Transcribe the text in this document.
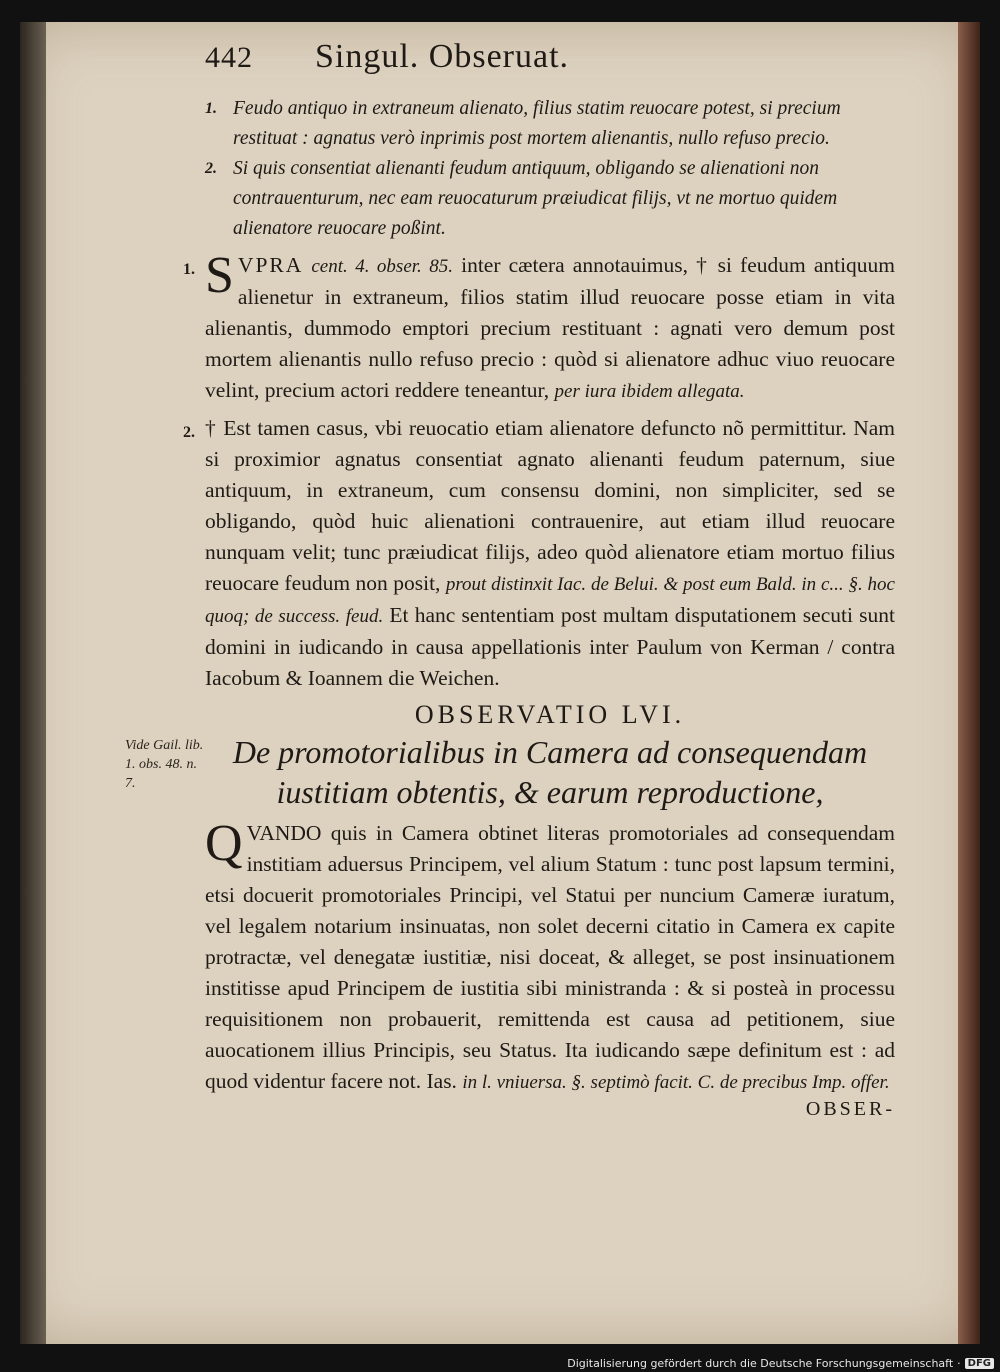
442	Singul. Obseruat.
1. Feudo antiquo in extraneum alienato, filius statim reuocare potest, si precium restituat : agnatus verò inprimis post mortem alienantis, nullo refuso precio.
2. Si quis consentiat alienanti feudum antiquum, obligando se alienationi non contrauenturum, nec eam reuocaturum præiudicat filijs, vt ne mortuo quidem alienatore reuocare poßint.
1. S VPRA cent. 4. obser. 85. inter cætera annotauimus, † si feudum antiquum alienetur in extraneum, filios statim illud reuocare posse etiam in vita alienantis, dummodo emptori precium restituant : agnati vero demum post mortem alienantis nullo refuso precio : quòd si alienatore adhuc viuo reuocare velint, precium actori reddere teneantur, per iura ibidem allegata.
2. † Est tamen casus, vbi reuocatio etiam alienatore defuncto nõ permittitur. Nam si proximior agnatus consentiat agnato alienanti feudum paternum, siue antiquum, in extraneum, cum consensu domini, non simpliciter, sed se obligando, quòd huic alienationi contrauenire, aut etiam illud reuocare nunquam velit; tunc præiudicat filijs, adeo quòd alienatore etiam mortuo filius reuocare feudum non posit, prout distinxit Iac. de Belui. & post eum Bald. in c... §. hoc quoq; de success. feud. Et hanc sententiam post multam disputationem secuti sunt domini in iudicando in causa appellationis inter Paulum von Kerman / contra Iacobum & Ioannem die Weichen.
OBSERVATIO LVI.
Vide Gail. lib. 1. obs. 48. n. 7.
De promotorialibus in Camera ad consequendam iustitiam obtentis, & earum reproductione,
Q VANDO quis in Camera obtinet literas promotoriales ad consequendam institiam aduersus Principem, vel alium Statum : tunc post lapsum termini, etsi docuerit promotoriales Principi, vel Statui per nuncium Cameræ iuratum, vel legalem notarium insinuatas, non solet decerni citatio in Camera ex capite protractæ, vel denegatæ iustitiæ, nisi doceat, & alleget, se post insinuationem institisse apud Principem de iustitia sibi ministranda : & si posteà in processu requisitionem non probauerit, remittenda est causa ad petitionem, siue auocationem illius Principis, seu Status. Ita iudicando sæpe definitum est : ad quod videntur facere not. Ias. in l. vniuersa. §. septimò facit. C. de precibus Imp. offer.
OBSER-
Digitalisierung gefördert durch die Deutsche Forschungsgemeinschaft · DFG
